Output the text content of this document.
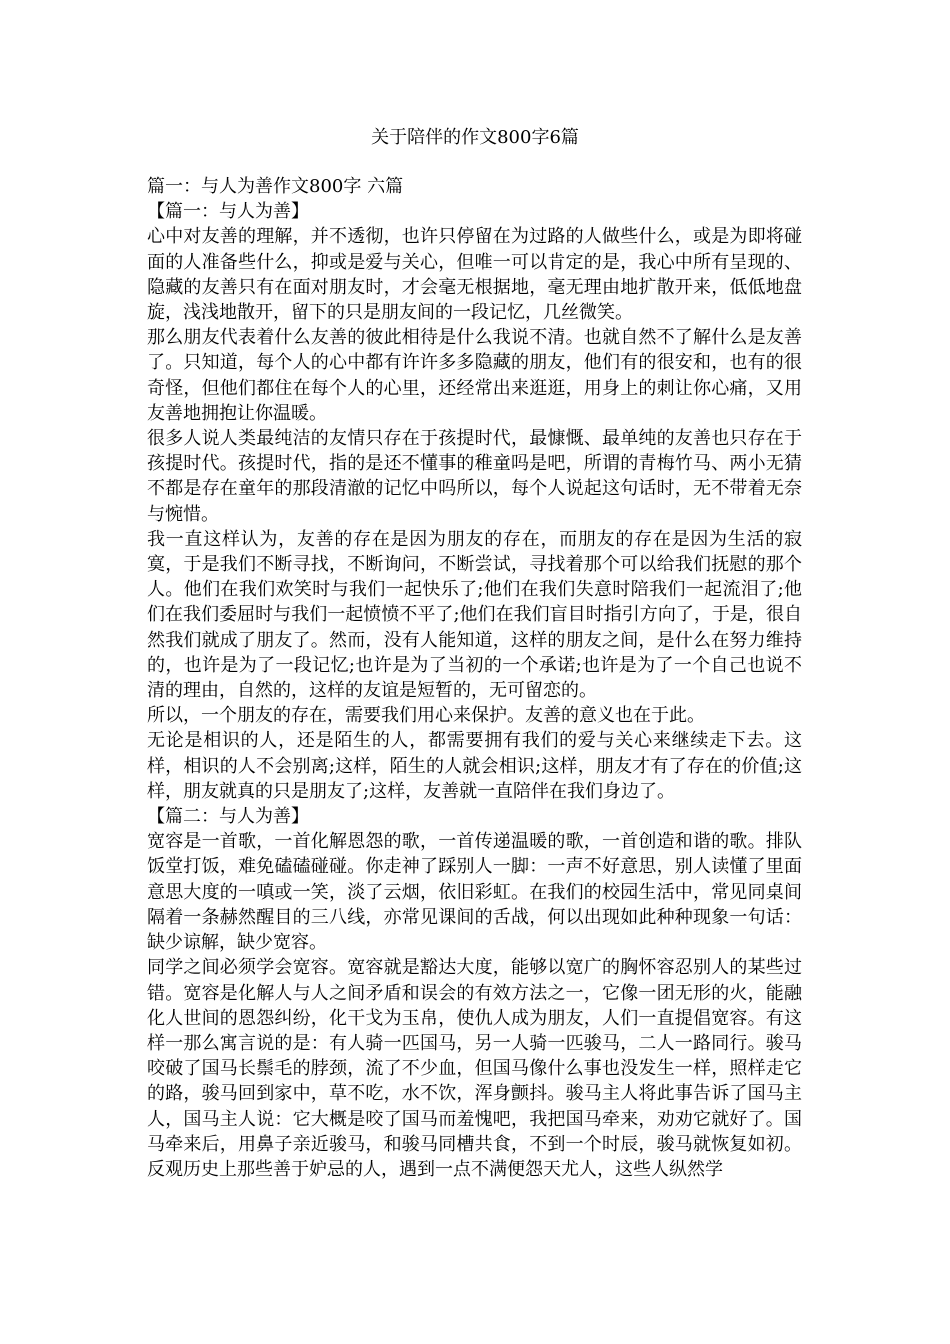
关于陪伴的作文800字6篇

篇一：与人为善作文800字 六篇

【篇一：与人为善】

心中对友善的理解，并不透彻，也许只停留在为过路的人做些什么，或是为即将碰面的人准备些什么，抑或是爱与关心，但唯一可以肯定的是，我心中所有呈现的、隐藏的友善只有在面对朋友时，才会毫无根据地，毫无理由地扩散开来，低低地盘旋，浅浅地散开，留下的只是朋友间的一段记忆，几丝微笑。

那么朋友代表着什么友善的彼此相待是什么我说不清。也就自然不了解什么是友善了。只知道，每个人的心中都有许许多多隐藏的朋友，他们有的很安和，也有的很奇怪，但他们都住在每个人的心里，还经常出来逛逛，用身上的刺让你心痛，又用友善地拥抱让你温暖。

很多人说人类最纯洁的友情只存在于孩提时代，最慷慨、最单纯的友善也只存在于孩提时代。孩提时代，指的是还不懂事的稚童吗是吧，所谓的青梅竹马、两小无猜不都是存在童年的那段清澈的记忆中吗所以，每个人说起这句话时，无不带着无奈与惋惜。

我一直这样认为，友善的存在是因为朋友的存在，而朋友的存在是因为生活的寂寞，于是我们不断寻找，不断询问，不断尝试，寻找着那个可以给我们抚慰的那个人。他们在我们欢笑时与我们一起快乐了;他们在我们失意时陪我们一起流泪了;他们在我们委屈时与我们一起愤愤不平了;他们在我们盲目时指引方向了，于是，很自然我们就成了朋友了。然而，没有人能知道，这样的朋友之间，是什么在努力维持的，也许是为了一段记忆;也许是为了当初的一个承诺;也许是为了一个自己也说不清的理由，自然的，这样的友谊是短暂的，无可留恋的。

所以，一个朋友的存在，需要我们用心来保护。友善的意义也在于此。

无论是相识的人，还是陌生的人，都需要拥有我们的爱与关心来继续走下去。这样，相识的人不会别离;这样，陌生的人就会相识;这样，朋友才有了存在的价值;这样，朋友就真的只是朋友了;这样，友善就一直陪伴在我们身边了。

【篇二：与人为善】

宽容是一首歌，一首化解恩怨的歌，一首传递温暖的歌，一首创造和谐的歌。排队饭堂打饭，难免磕磕碰碰。你走神了踩别人一脚：一声不好意思，别人读懂了里面意思大度的一嗔或一笑，淡了云烟，依旧彩虹。在我们的校园生活中，常见同桌间隔着一条赫然醒目的三八线，亦常见课间的舌战，何以出现如此种种现象一句话：缺少谅解，缺少宽容。

同学之间必须学会宽容。宽容就是豁达大度，能够以宽广的胸怀容忍别人的某些过错。宽容是化解人与人之间矛盾和误会的有效方法之一，它像一团无形的火，能融化人世间的恩怨纠纷，化干戈为玉帛，使仇人成为朋友，人们一直提倡宽容。有这样一那么寓言说的是：有人骑一匹国马，另一人骑一匹骏马，二人一路同行。骏马咬破了国马长鬃毛的脖颈，流了不少血，但国马像什么事也没发生一样，照样走它的路，骏马回到家中，草不吃，水不饮，浑身颤抖。骏马主人将此事告诉了国马主人，国马主人说：它大概是咬了国马而羞愧吧，我把国马牵来，劝劝它就好了。国马牵来后，用鼻子亲近骏马，和骏马同槽共食，不到一个时辰，骏马就恢复如初。反观历史上那些善于妒忌的人，遇到一点不满便怨天尤人，这些人纵然学
